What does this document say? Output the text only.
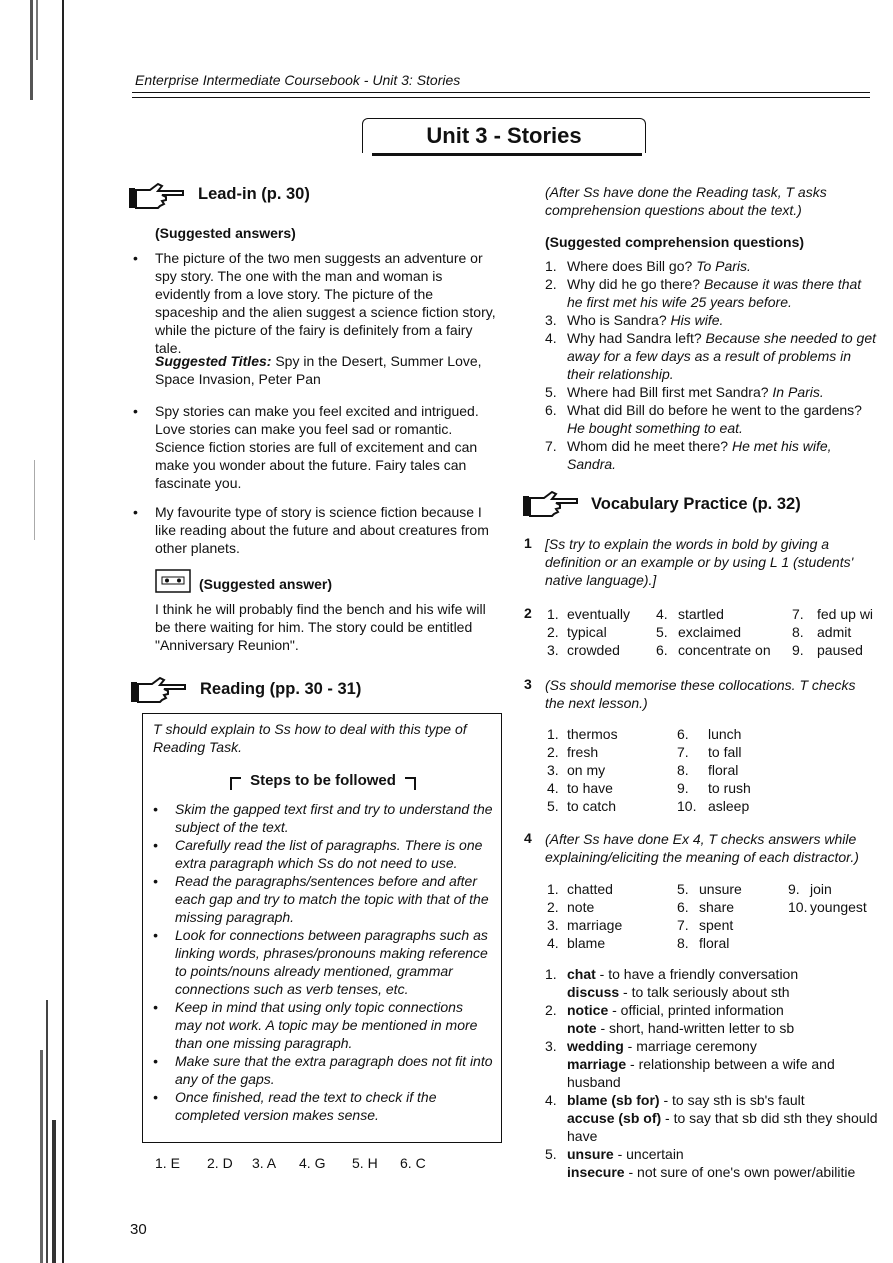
Enterprise Intermediate Coursebook - Unit 3: Stories
Unit 3 - Stories
Lead-in (p. 30)
(Suggested answers)

• The picture of the two men suggests an adventure or spy story. The one with the man and woman is evidently from a love story. The picture of the spaceship and the alien suggest a science fiction story, while the picture of the fairy is definitely from a fairy tale.

Suggested Titles: Spy in the Desert, Summer Love, Space Invasion, Peter Pan

• Spy stories can make you feel excited and intrigued. Love stories can make you feel sad or romantic. Science fiction stories are full of excitement and can make you wonder about the future. Fairy tales can fascinate you.

• My favourite type of story is science fiction because I like reading about the future and about creatures from other planets.

(Suggested answer)
I think he will probably find the bench and his wife will be there waiting for him. The story could be entitled "Anniversary Reunion".
Reading (pp. 30 - 31)

T should explain to Ss how to deal with this type of Reading Task.

Steps to be followed

• Skim the gapped text first and try to understand the subject of the text.

• Carefully read the list of paragraphs. There is one extra paragraph which Ss do not need to use.

• Read the paragraphs/sentences before and after each gap and try to match the topic with that of the missing paragraph.

• Look for connections between paragraphs such as linking words, phrases/pronouns making reference to points/nouns already mentioned, grammar connections such as verb tenses, etc.

• Keep in mind that using only topic connections may not work. A topic may be mentioned in more than one missing paragraph.

• Make sure that the extra paragraph does not fit into any of the gaps.

• Once finished, read the text to check if the completed version makes sense.

1. E 2. D 3. A 4. G 5. H 6. C
30
(After Ss have done the Reading task, T asks comprehension questions about the text.)
(Suggested comprehension questions)
1. Where does Bill go? To Paris.
2. Why did he go there? Because it was there that he first met his wife 25 years before.
3. Who is Sandra? His wife.
4. Why had Sandra left? Because she needed to get away for a few days as a result of problems in their relationship.
5. Where had Bill first met Sandra? In Paris.
6. What did Bill do before he went to the gardens? He bought something to eat.
7. Whom did he meet there? He met his wife, Sandra.
Vocabulary Practice (p. 32)
1 [Ss try to explain the words in bold by giving a definition or an example or by using L 1 (students' native language).]
2 1. eventually 4. startled	7. fed up wi
2. typical	5. exclaimed	8. admit
3. crowded	6. concentrate on 9. paused
3 (Ss should memorise these collocations. T checks the next lesson.)
1. thermos	6. lunch
2. fresh	7. to fall
3. on my	8. floral
4. to have	9. to rush
5. to catch	10. asleep
4 (After Ss have done Ex 4, T checks answers while explaining/eliciting the meaning of each distractor.)
1. chatted	5. unsure	9. join
2. note	6. share	10. youngest
3. marriage	7. spent
4. blame	8. floral
1. chat - to have a friendly conversation
discuss - to talk seriously about sth
2. notice - official, printed information
note - short, hand-written letter to sb
3. wedding - marriage ceremony
marriage - relationship between a wife and husband
4. blame (sb for) - to say sth is sb's fault
accuse (sb of) - to say that sb did sth they should have
5. unsure - uncertain
insecure - not sure of one's own power/abilitie
